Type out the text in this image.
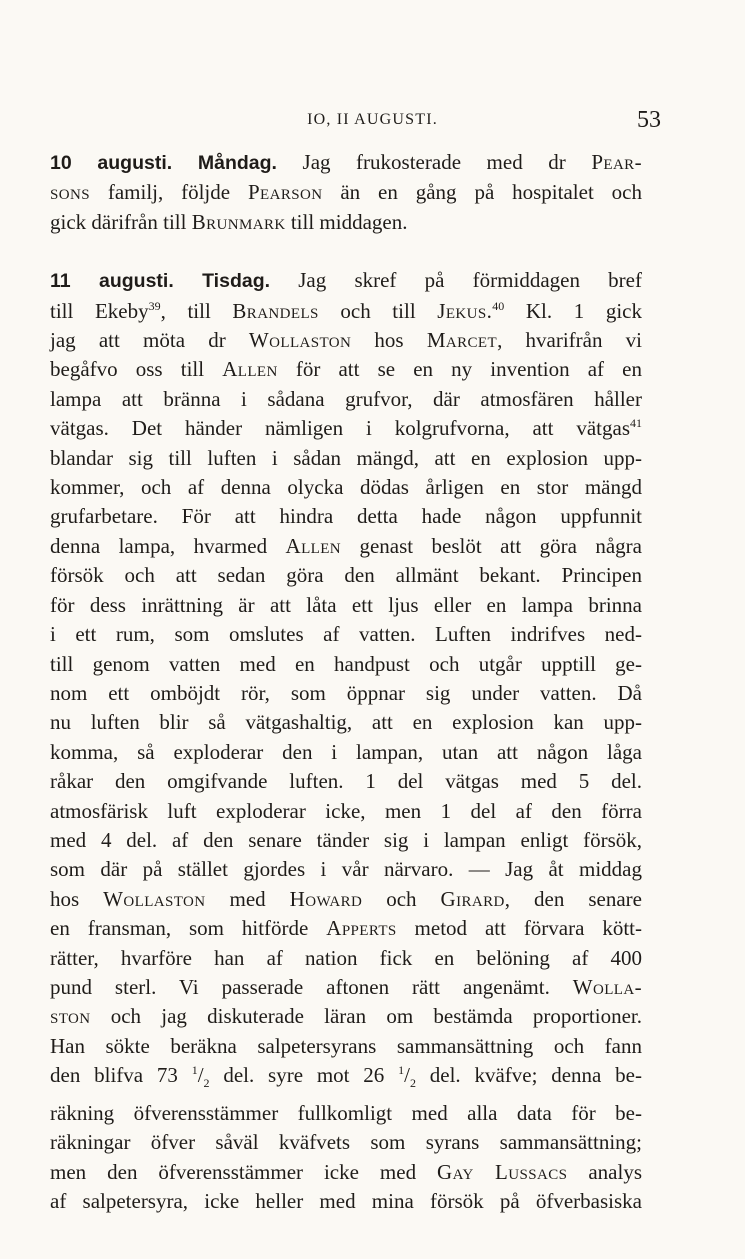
IO, II AUGUSTI.	53

10 augusti. Måndag. Jag frukosterade med dr Pear-
sons familj, följde Pearson än en gång på hospitalet och
gick därifrån till Brunmark till middagen.

11 augusti. Tisdag. Jag skref på förmiddagen bref
till Ekeby$^{39}$, till Brandels och till Jekus.$^{40}$ Kl. 1 gick
jag att möta dr Wollaston hos Marcet, hvarifrån vi
begåfvo oss till Allen för att se en ny invention af en
lampa att bränna i sådana grufvor, där atmosfären håller
vätgas. Det händer nämligen i kolgrufvorna, att vätgas$^{41}$
blandar sig till luften i sådan mängd, att en explosion upp-
kommer, och af denna olycka dödas årligen en stor mängd
grufarbetare. För att hindra detta hade någon uppfunnit
denna lampa, hvarmed Allen genast beslöt att göra några
försök och att sedan göra den allmänt bekant. Principen
för dess inrättning är att låta ett ljus eller en lampa brinna
i ett rum, som omslutes af vatten. Luften indrifves ned-
till genom vatten med en handpust och utgår upptill ge-
nom ett omböjdt rör, som öppnar sig under vatten. Då
nu luften blir så vätgashaltig, att en explosion kan upp-
komma, så exploderar den i lampan, utan att någon låga
råkar den omgifvande luften. 1 del vätgas med 5 del.
atmosfärisk luft exploderar icke, men 1 del af den förra
med 4 del. af den senare tänder sig i lampan enligt försök,
som där på stället gjordes i vår närvaro. — Jag åt middag
hos Wollaston med Howard och Girard, den senare
en fransman, som hitförde Apperts metod att förvara kött-
rätter, hvarföre han af nation fick en belöning af 400
pund sterl. Vi passerade aftonen rätt angenämt. Wolla-
ston och jag diskuterade läran om bestämda proportioner.
Han sökte beräkna salpetersyrans sammansättning och fann
den blifva 73 $^1/_2$ del. syre mot 26 $^1/_2$ del. kväfve; denna be-
räkning öfverensstämmer fullkomligt med alla data för be-
räkningar öfver såväl kväfvets som syrans sammansättning;
men den öfverensstämmer icke med Gay Lussacs analys
af salpetersyra, icke heller med mina försök på öfverbasiska
